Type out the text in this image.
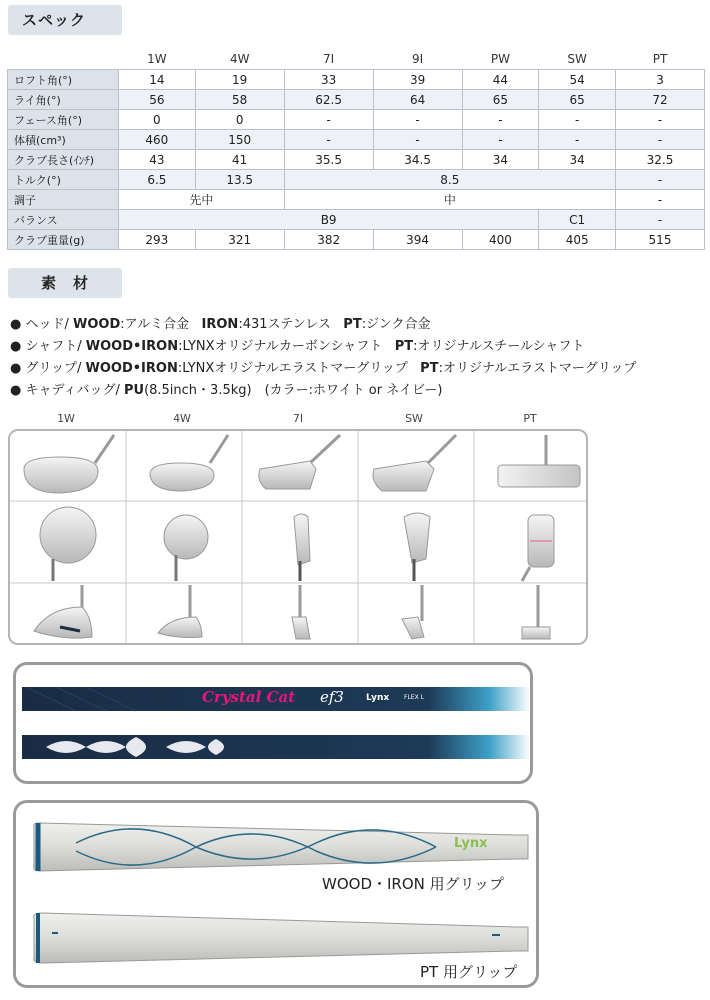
スペック
	1W	4W	7I	9I	PW	SW	PT
ロフト角(°)	14	19	33	39	44	54	3
ライ角(°)	56	58	62.5	64	65	65	72
フェース角(°)	0	0	-	-	-	-	-
体積(cm³)	460	150	-	-	-	-	-
クラブ長さ(ｲﾝﾁ)	43	41	35.5	34.5	34	34	32.5
トルク(°)	6.5	13.5	8.5				-
調子	先中		中				-
バランス	B9					C1	-
クラブ重量(g)	293	321	382	394	400	405	515
素　材
● ヘッド/ WOOD:アルミ合金 IRON:431ステンレス PT:ジンク合金
● シャフト/ WOOD•IRON:LYNXオリジナルカーボンシャフト PT:オリジナルスチールシャフト
● グリップ/ WOOD•IRON:LYNXオリジナルエラストマーグリップ PT:オリジナルエラストマーグリップ
● キャディバッグ/ PU(8.5inch・3.5kg)　(カラー:ホワイト or ネイビー)
1W	4W	7I	SW	PT
Crystal Cat ef3 Lynx FLEX L
Lynx
WOOD・IRON 用グリップ
PT 用グリップ
